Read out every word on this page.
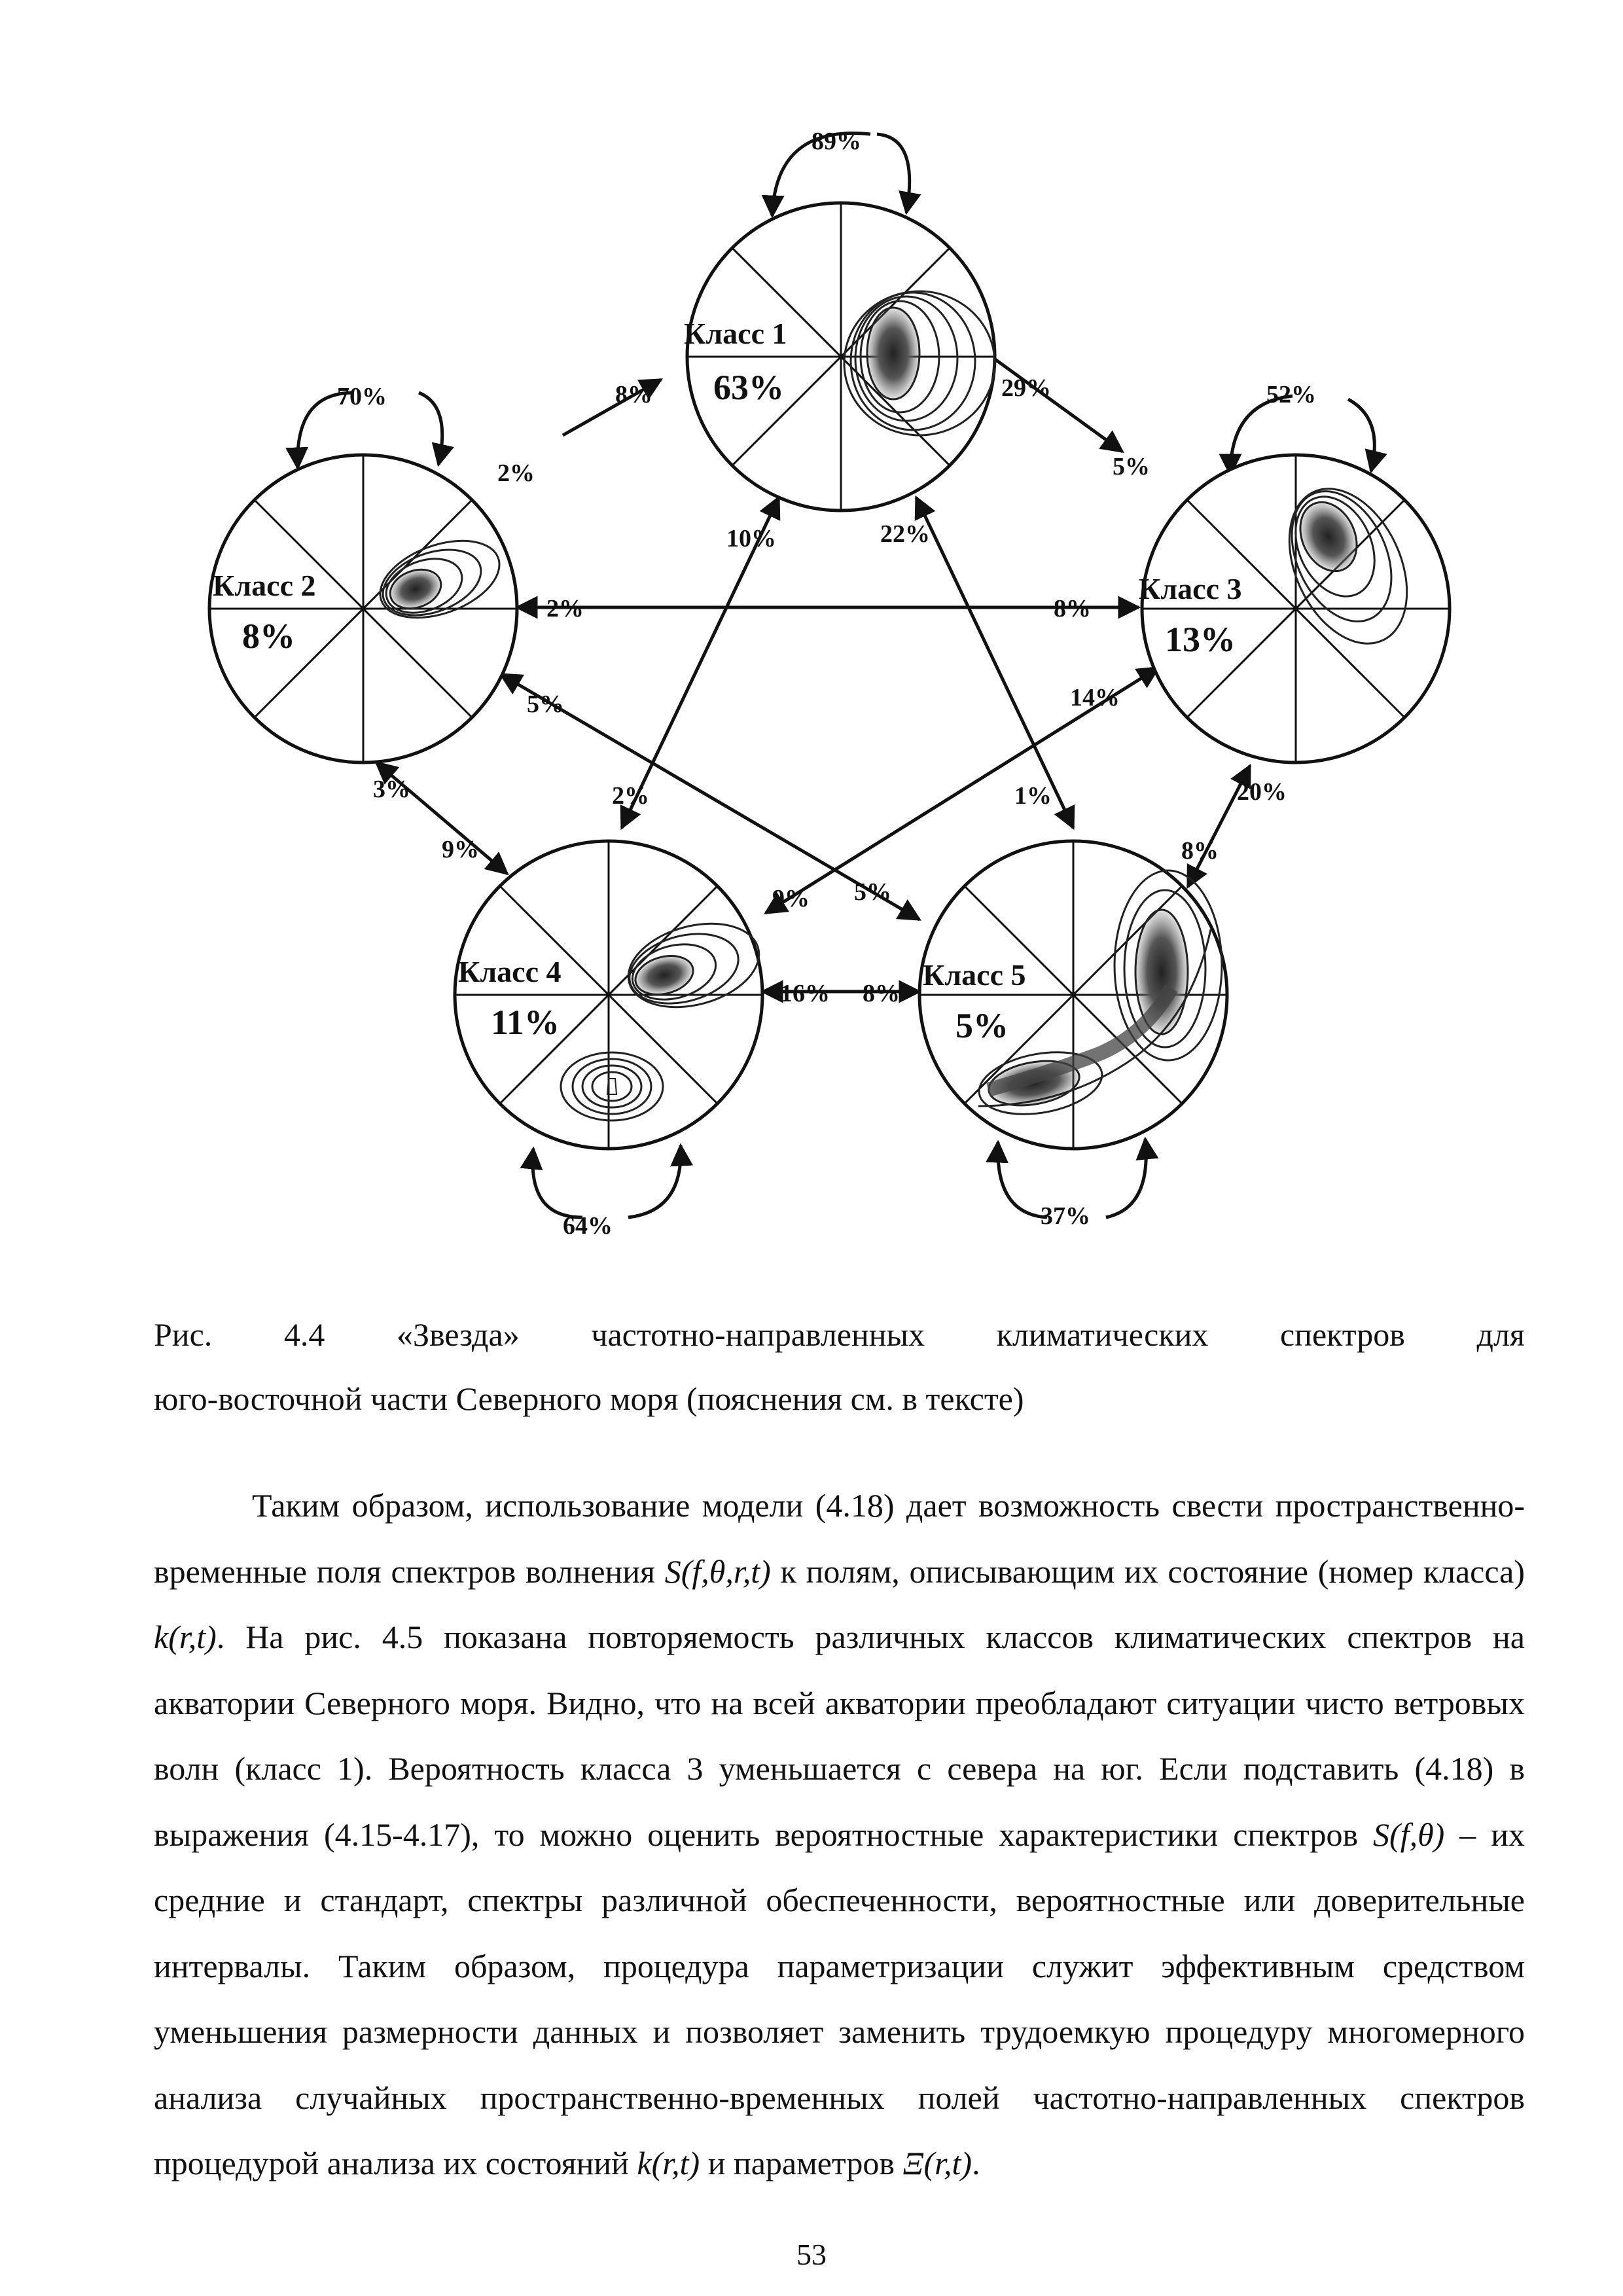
Класс 1
63%
Класс 2
8%
Класс 3
13%
Класс 4
11%
Класс 5
5%
89%
70%	52%
64%	37%
8%
2%
29%
5%
10%	22%
2%	8%
5%	14%
3%	2%	1%	20%
9%	8%
9% 5%
16% 8%
Рис. 4.4 «Звезда» частотно-направленных климатических спектров для
юго-восточной части Северного моря (пояснения см. в тексте)

Таким образом, использование модели (4.18) дает возможность свести пространственно-временные поля спектров волнения S(f,θ,r,t) к полям, описывающим их состояние (номер класса) k(r,t). На рис. 4.5 показана повторяемость различных классов климатических спектров на акватории Северного моря. Видно, что на всей акватории преобладают ситуации чисто ветровых волн (класс 1). Вероятность класса 3 уменьшается с севера на юг. Если подставить (4.18) в выражения (4.15-4.17), то можно оценить вероятностные характеристики спектров S(f,θ) – их средние и стандарт, спектры различной обеспеченности, вероятностные или доверительные интервалы. Таким образом, процедура параметризации служит эффективным средством уменьшения размерности данных и позволяет заменить трудоемкую процедуру многомерного анализа случайных пространственно-временных полей частотно-направленных спектров процедурой анализа их состояний k(r,t) и параметров Ξ(r,t).

53
